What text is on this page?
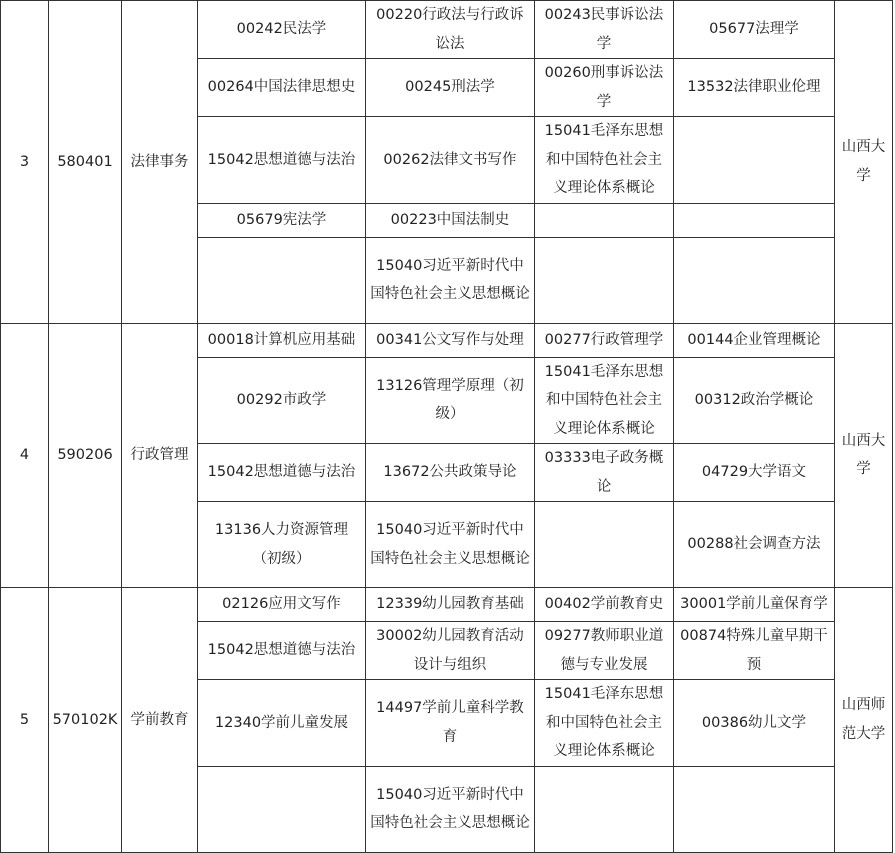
3	580401	法律事务	00242民法学	00220行政法与行政诉讼法	00243民事诉讼法学	05677法理学	山西大学
			00264中国法律思想史	00245刑法学	00260刑事诉讼法学	13532法律职业伦理	
			15042思想道德与法治	00262法律文书写作	15041毛泽东思想和中国特色社会主义理论体系概论		
			05679宪法学	00223中国法制史			
				15040习近平新时代中国特色社会主义思想概论			
4	590206	行政管理	00018计算机应用基础	00341公文写作与处理	00277行政管理学	00144企业管理概论	山西大学
			00292市政学	13126管理学原理（初级）	15041毛泽东思想和中国特色社会主义理论体系概论	00312政治学概论	
			15042思想道德与法治	13672公共政策导论	03333电子政务概论	04729大学语文	
			13136人力资源管理（初级）	15040习近平新时代中国特色社会主义思想概论		00288社会调查方法	
5	570102K	学前教育	02126应用文写作	12339幼儿园教育基础	00402学前教育史	30001学前儿童保育学	山西师范大学
			15042思想道德与法治	30002幼儿园教育活动设计与组织	09277教师职业道德与专业发展	00874特殊儿童早期干预	
			12340学前儿童发展	14497学前儿童科学教育	15041毛泽东思想和中国特色社会主义理论体系概论	00386幼儿文学	
				15040习近平新时代中国特色社会主义思想概论			
